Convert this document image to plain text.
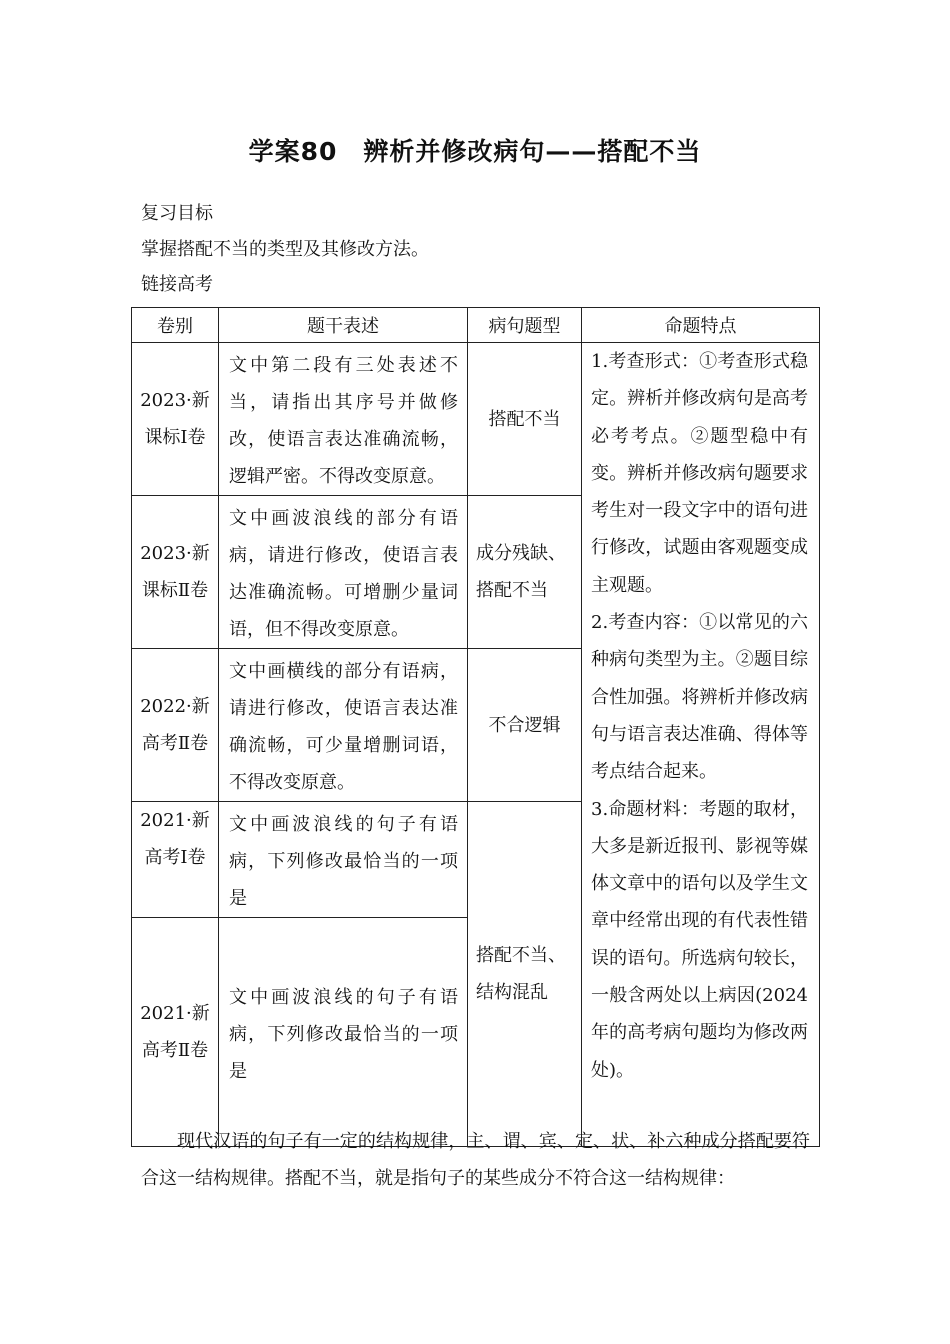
学案80　辨析并修改病句——搭配不当

复习目标

掌握搭配不当的类型及其修改方法。

链接高考

卷别	题干表述	病句题型	命题特点

2023·新课标Ⅰ卷	文中第二段有三处表述不当，请指出其序号并做修改，使语言表达准确流畅，逻辑严密。不得改变原意。	搭配不当	1.考查形式：①考查形式稳定。辨析并修改病句是高考必考考点。②题型稳中有变。辨析并修改病句题要求考生对一段文字中的语句进行修改，试题由客观题变成主观题。
2.考查内容：①以常见的六种病句类型为主。②题目综合性加强。将辨析并修改病句与语言表达准确、得体等考点结合起来。
3.命题材料：考题的取材，大多是新近报刊、影视等媒体文章中的语句以及学生文章中经常出现的有代表性错误的语句。所选病句较长，一般含两处以上病因(2024年的高考病句题均为修改两处)。

2023·新课标Ⅱ卷	文中画波浪线的部分有语病，请进行修改，使语言表达准确流畅。可增删少量词语，但不得改变原意。	成分残缺、搭配不当	

2022·新高考Ⅱ卷	文中画横线的部分有语病，请进行修改，使语言表达准确流畅，可少量增删词语，不得改变原意。	不合逻辑	

2021·新高考Ⅰ卷	文中画波浪线的句子有语病，下列修改最恰当的一项是	搭配不当、结构混乱	

2021·新高考Ⅱ卷	文中画波浪线的句子有语病，下列修改最恰当的一项是		

现代汉语的句子有一定的结构规律，主、谓、宾、定、状、补六种成分搭配要符合这一结构规律。搭配不当，就是指句子的某些成分不符合这一结构规律：
